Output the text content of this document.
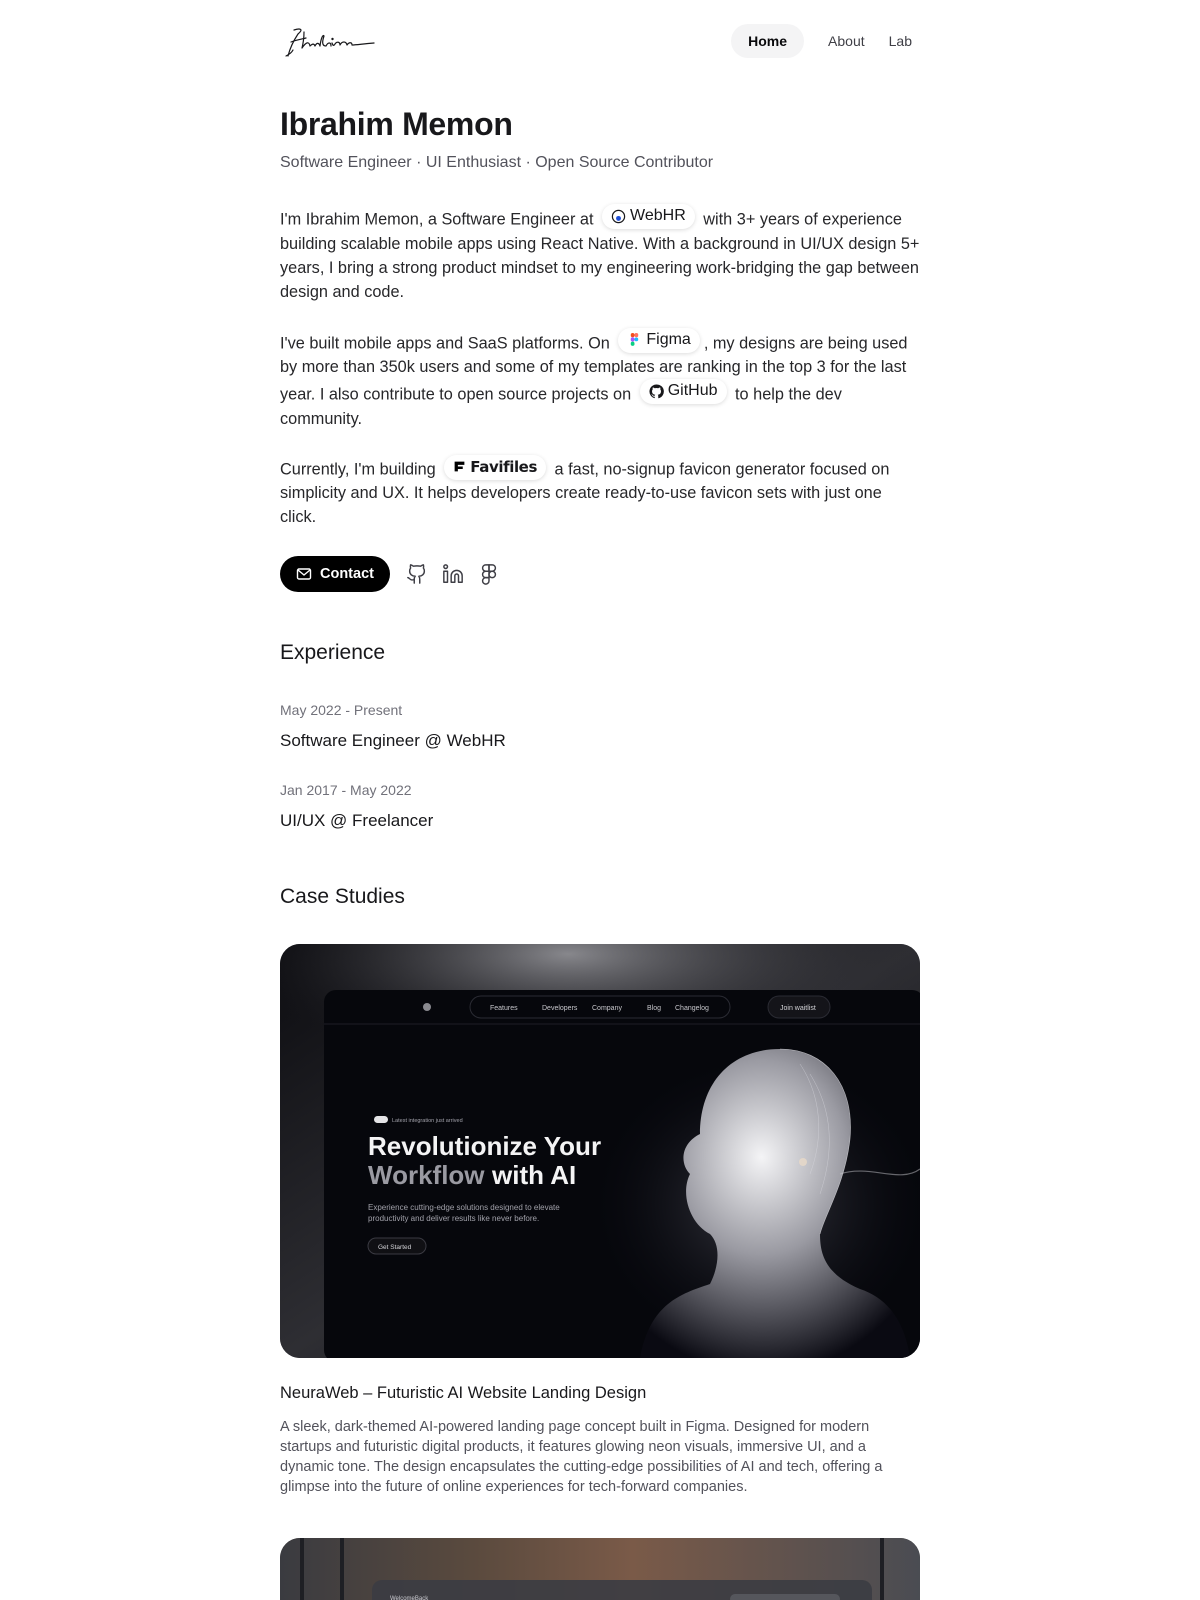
Home	About	Lab
Ibrahim Memon
Software Engineer · UI Enthusiast · Open Source Contributor

I'm Ibrahim Memon, a Software Engineer at WebHR with 3+ years of experience building scalable mobile apps using React Native. With a background in UI/UX design 5+ years, I bring a strong product mindset to my engineering work-bridging the gap between design and code.

I've built mobile apps and SaaS platforms. On Figma , my designs are being used by more than 350k users and some of my templates are ranking in the top 3 for the last year. I also contribute to open source projects on GitHub to help the dev community.

Currently, I'm building Favifiles a fast, no-signup favicon generator focused on simplicity and UX. It helps developers create ready-to-use favicon sets with just one click.

Contact
Experience
May 2022 - Present
Software Engineer @ WebHR
Jan 2017 - May 2022
UI/UX @ Freelancer
Case Studies
Features	Developers Company	Blog Changelog	Join waitlist
Latest integration just arrived
Revolutionize Your
Workflow with AI
Experience cutting-edge solutions designed to elevate
productivity and deliver results like never before.
Get Started
NeuraWeb – Futuristic AI Website Landing Design
A sleek, dark-themed AI-powered landing page concept built in Figma. Designed for modern startups and futuristic digital products, it features glowing neon visuals, immersive UI, and a dynamic tone. The design encapsulates the cutting-edge possibilities of AI and tech, offering a glimpse into the future of online experiences for tech-forward companies.
WelcomeBack
